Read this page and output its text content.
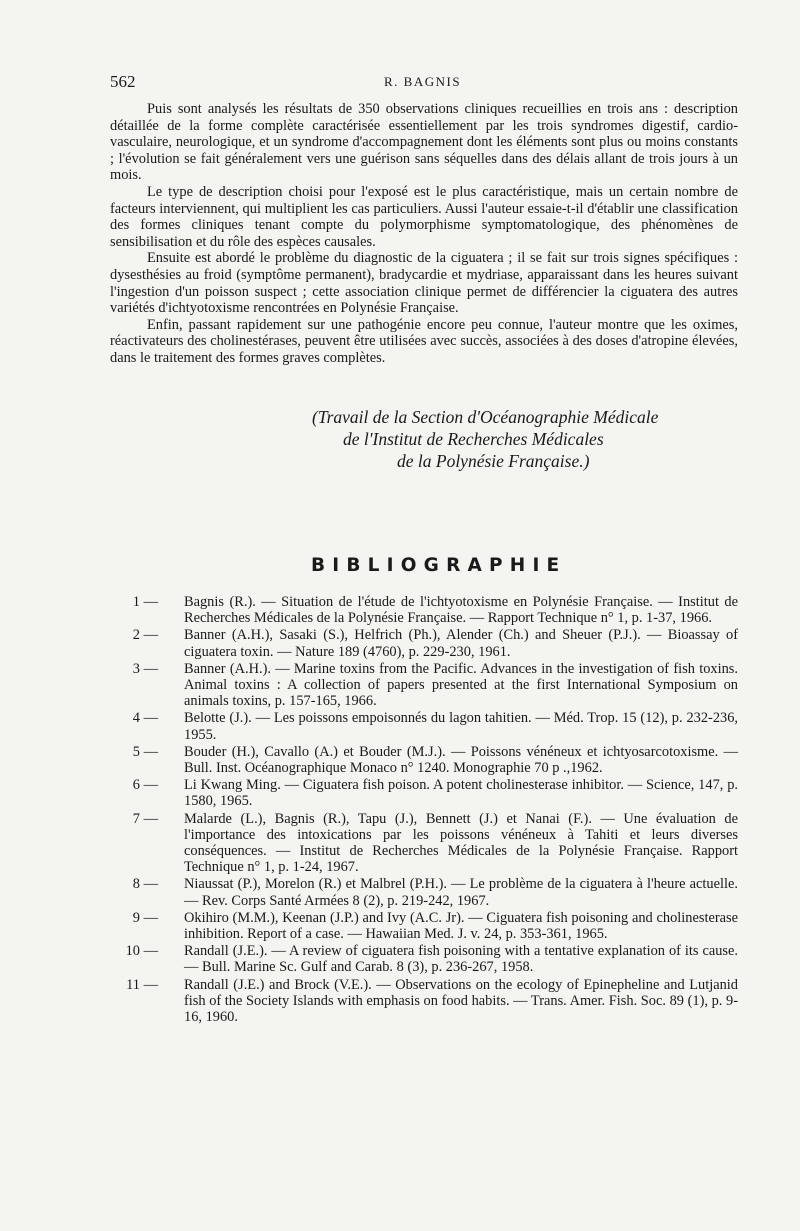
562	R. BAGNIS

Puis sont analysés les résultats de 350 observations cliniques recueillies en trois ans : description détaillée de la forme complète caractérisée essentiellement par les trois syndromes digestif, cardio-vasculaire, neurologique, et un syndrome d'accompagnement dont les éléments sont plus ou moins constants ; l'évolution se fait généralement vers une guérison sans séquelles dans des délais allant de trois jours à un mois.

Le type de description choisi pour l'exposé est le plus caractéristique, mais un certain nombre de facteurs interviennent, qui multiplient les cas particuliers. Aussi l'auteur essaie-t-il d'établir une classification des formes cliniques tenant compte du polymorphisme symptomatologique, des phénomènes de sensibilisation et du rôle des espèces causales.

Ensuite est abordé le problème du diagnostic de la ciguatera ; il se fait sur trois signes spécifiques : dysesthésies au froid (symptôme permanent), bradycardie et mydriase, apparaissant dans les heures suivant l'ingestion d'un poisson suspect ; cette association clinique permet de différencier la ciguatera des autres variétés d'ichtyotoxisme rencontrées en Polynésie Française.

Enfin, passant rapidement sur une pathogénie encore peu connue, l'auteur montre que les oximes, réactivateurs des cholinestérases, peuvent être utilisées avec succès, associées à des doses d'atropine élevées, dans le traitement des formes graves complètes.

(Travail de la Section d'Océanographie Médicale
de l'Institut de Recherches Médicales
de la Polynésie Française.)
BIBLIOGRAPHIE
1 —	Bagnis (R.). — Situation de l'étude de l'ichtyotoxisme en Polynésie Française. — Institut de Recherches Médicales de la Polynésie Française. — Rapport Technique n° 1, p. 1-37, 1966.
2 —	Banner (A.H.), Sasaki (S.), Helfrich (Ph.), Alender (Ch.) and Sheuer (P.J.). — Bioassay of ciguatera toxin. — Nature 189 (4760), p. 229-230, 1961.
3 —	Banner (A.H.). — Marine toxins from the Pacific. Advances in the investigation of fish toxins. Animal toxins : A collection of papers presented at the first International Symposium on animals toxins, p. 157-165, 1966.
4 —	Belotte (J.). — Les poissons empoisonnés du lagon tahitien. — Méd. Trop. 15 (12), p. 232-236, 1955.
5 —	Bouder (H.), Cavallo (A.) et Bouder (M.J.). — Poissons vénéneux et ichtyosarcotoxisme. — Bull. Inst. Océanographique Monaco n° 1240. Monographie 70 p .,1962.
6 —	Li Kwang Ming. — Ciguatera fish poison. A potent cholinesterase inhibitor. — Science, 147, p. 1580, 1965.
7 —	Malarde (L.), Bagnis (R.), Tapu (J.), Bennett (J.) et Nanai (F.). — Une évaluation de l'importance des intoxications par les poissons vénéneux à Tahiti et leurs diverses conséquences. — Institut de Recherches Médicales de la Polynésie Française. Rapport Technique n° 1, p. 1-24, 1967.
8 —	Niaussat (P.), Morelon (R.) et Malbrel (P.H.). — Le problème de la ciguatera à l'heure actuelle. — Rev. Corps Santé Armées 8 (2), p. 219-242, 1967.
9 —	Okihiro (M.M.), Keenan (J.P.) and Ivy (A.C. Jr). — Ciguatera fish poisoning and cholinesterase inhibition. Report of a case. — Hawaiian Med. J. v. 24, p. 353-361, 1965.
10 —	Randall (J.E.). — A review of ciguatera fish poisoning with a tentative explanation of its cause. — Bull. Marine Sc. Gulf and Carab. 8 (3), p. 236-267, 1958.
11 —	Randall (J.E.) and Brock (V.E.). — Observations on the ecology of Epinepheline and Lutjanid fish of the Society Islands with emphasis on food habits. — Trans. Amer. Fish. Soc. 89 (1), p. 9-16, 1960.
